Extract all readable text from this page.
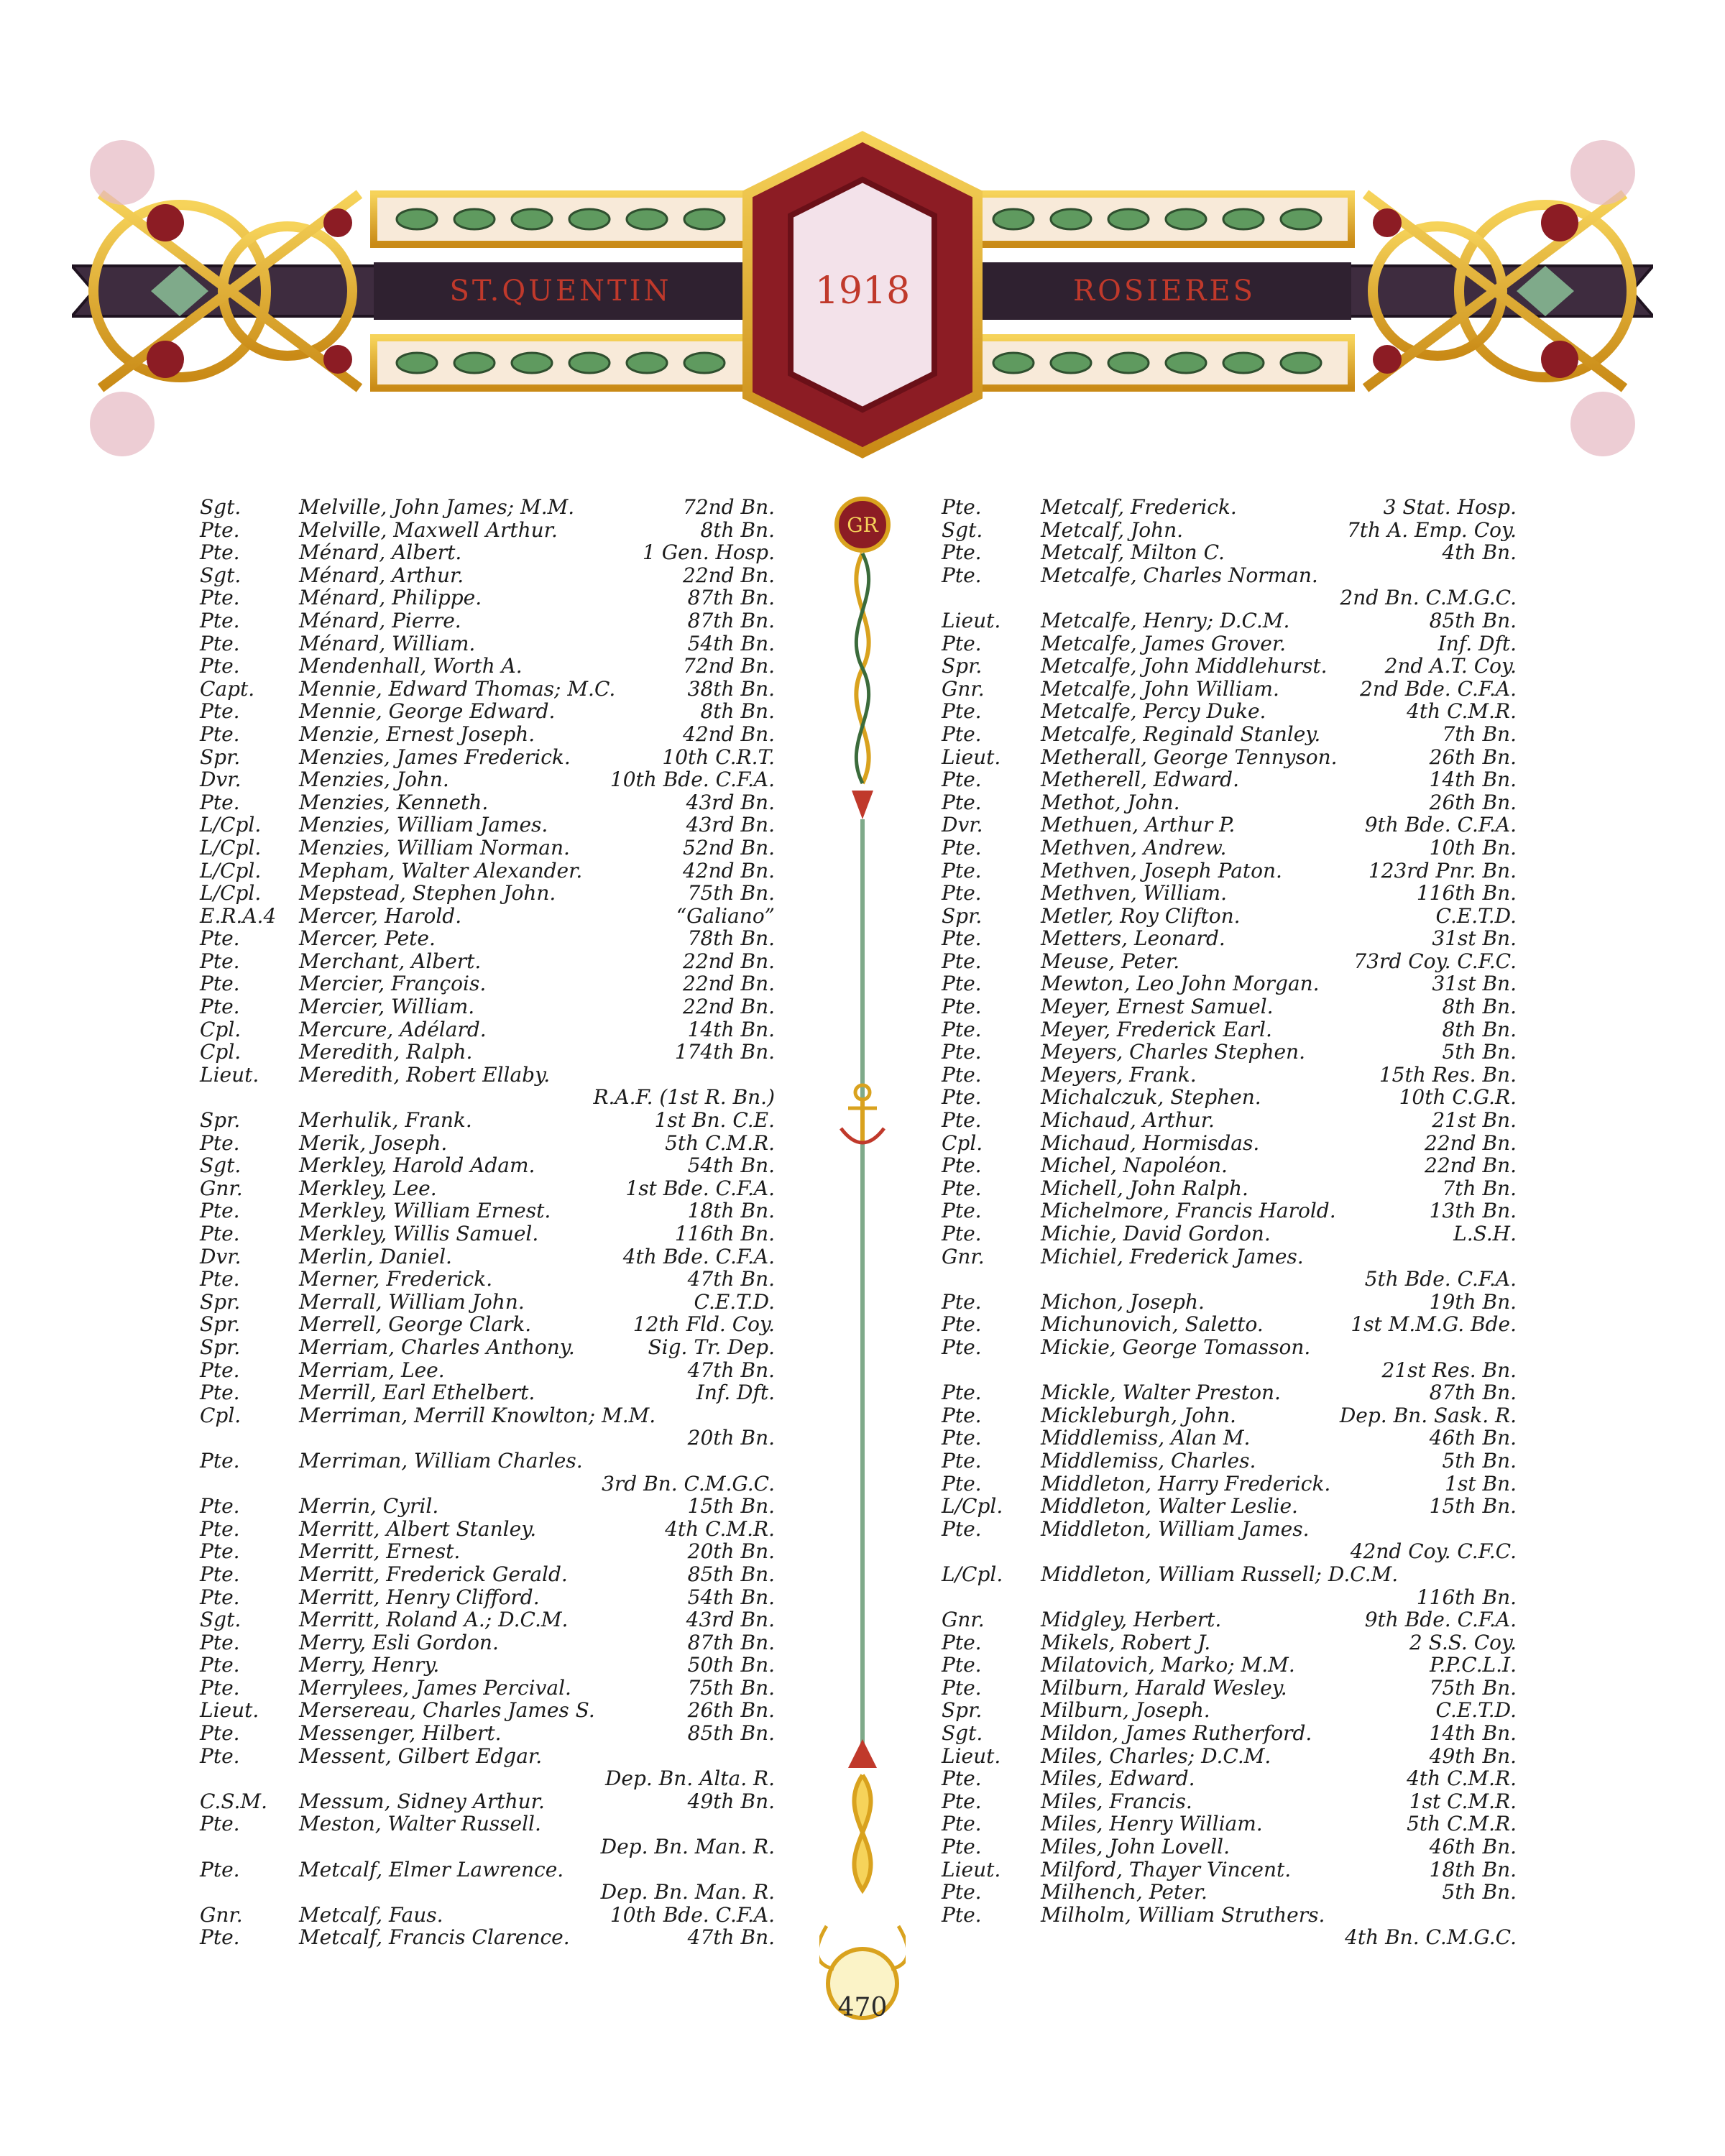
ST.QUENTIN	1918	ROSIERES
GR
470
Sgt.	Melville, John James; M.M.	72nd Bn.
Pte.	Melville, Maxwell Arthur.	8th Bn.
Pte.	Ménard, Albert.	1 Gen. Hosp.
Sgt.	Ménard, Arthur.	22nd Bn.
Pte.	Ménard, Philippe.	87th Bn.
Pte.	Ménard, Pierre.	87th Bn.
Pte.	Ménard, William.	54th Bn.
Pte.	Mendenhall, Worth A.	72nd Bn.
Capt. Mennie, Edward Thomas; M.C.	38th Bn.
Pte.	Mennie, George Edward.	8th Bn.
Pte.	Menzie, Ernest Joseph.	42nd Bn.
Spr.	Menzies, James Frederick.	10th C.R.T.
Dvr.	Menzies, John.	10th Bde. C.F.A.
Pte.	Menzies, Kenneth.	43rd Bn.
L/Cpl. Menzies, William James.	43rd Bn.
L/Cpl. Menzies, William Norman.	52nd Bn.
L/Cpl. Mepham, Walter Alexander.	42nd Bn.
L/Cpl. Mepstead, Stephen John.	75th Bn.
E.R.A.4 Mercer, Harold.	“Galiano”
Pte.	Mercer, Pete.	78th Bn.
Pte.	Merchant, Albert.	22nd Bn.
Pte.	Mercier, François.	22nd Bn.
Pte.	Mercier, William.	22nd Bn.
Cpl.	Mercure, Adélard.	14th Bn.
Cpl.	Meredith, Ralph.	174th Bn.
Lieut. Meredith, Robert Ellaby.
R.A.F. (1st R. Bn.)
Spr.	Merhulik, Frank.	1st Bn. C.E.
Pte.	Merik, Joseph.	5th C.M.R.
Sgt.	Merkley, Harold Adam.	54th Bn.
Gnr.	Merkley, Lee.	1st Bde. C.F.A.
Pte.	Merkley, William Ernest.	18th Bn.
Pte.	Merkley, Willis Samuel.	116th Bn.
Dvr.	Merlin, Daniel.	4th Bde. C.F.A.
Pte.	Merner, Frederick.	47th Bn.
Spr.	Merrall, William John.	C.E.T.D.
Spr.	Merrell, George Clark.	12th Fld. Coy.
Spr.	Merriam, Charles Anthony.	Sig. Tr. Dep.
Pte.	Merriam, Lee.	47th Bn.
Pte.	Merrill, Earl Ethelbert.	Inf. Dft.
Cpl.	Merriman, Merrill Knowlton; M.M.
20th Bn.
Pte.	Merriman, William Charles.
3rd Bn. C.M.G.C.
Pte.	Merrin, Cyril.	15th Bn.
Pte.	Merritt, Albert Stanley.	4th C.M.R.
Pte.	Merritt, Ernest.	20th Bn.
Pte.	Merritt, Frederick Gerald.	85th Bn.
Pte.	Merritt, Henry Clifford.	54th Bn.
Sgt.	Merritt, Roland A.; D.C.M.	43rd Bn.
Pte.	Merry, Esli Gordon.	87th Bn.
Pte.	Merry, Henry.	50th Bn.
Pte.	Merrylees, James Percival.	75th Bn.
Lieut. Mersereau, Charles James S.	26th Bn.
Pte.	Messenger, Hilbert.	85th Bn.
Pte.	Messent, Gilbert Edgar.
Dep. Bn. Alta. R.
C.S.M. Messum, Sidney Arthur.	49th Bn.
Pte.	Meston, Walter Russell.
Dep. Bn. Man. R.
Pte.	Metcalf, Elmer Lawrence.
Dep. Bn. Man. R.
Gnr.	Metcalf, Faus.	10th Bde. C.F.A.
Pte.	Metcalf, Francis Clarence.	47th Bn.
Pte.	Metcalf, Frederick.	3 Stat. Hosp.
Sgt.	Metcalf, John.	7th A. Emp. Coy.
Pte.	Metcalf, Milton C.	4th Bn.
Pte.	Metcalfe, Charles Norman.
2nd Bn. C.M.G.C.
Lieut. Metcalfe, Henry; D.C.M.	85th Bn.
Pte.	Metcalfe, James Grover.	Inf. Dft.
Spr.	Metcalfe, John Middlehurst.	2nd A.T. Coy.
Gnr.	Metcalfe, John William.	2nd Bde. C.F.A.
Pte.	Metcalfe, Percy Duke.	4th C.M.R.
Pte.	Metcalfe, Reginald Stanley.	7th Bn.
Lieut. Metherall, George Tennyson.	26th Bn.
Pte.	Metherell, Edward.	14th Bn.
Pte.	Methot, John.	26th Bn.
Dvr.	Methuen, Arthur P.	9th Bde. C.F.A.
Pte.	Methven, Andrew.	10th Bn.
Pte.	Methven, Joseph Paton.	123rd Pnr. Bn.
Pte.	Methven, William.	116th Bn.
Spr.	Metler, Roy Clifton.	C.E.T.D.
Pte.	Metters, Leonard.	31st Bn.
Pte.	Meuse, Peter.	73rd Coy. C.F.C.
Pte.	Mewton, Leo John Morgan.	31st Bn.
Pte.	Meyer, Ernest Samuel.	8th Bn.
Pte.	Meyer, Frederick Earl.	8th Bn.
Pte.	Meyers, Charles Stephen.	5th Bn.
Pte.	Meyers, Frank.	15th Res. Bn.
Pte.	Michalczuk, Stephen.	10th C.G.R.
Pte.	Michaud, Arthur.	21st Bn.
Cpl.	Michaud, Hormisdas.	22nd Bn.
Pte.	Michel, Napoléon.	22nd Bn.
Pte.	Michell, John Ralph.	7th Bn.
Pte.	Michelmore, Francis Harold.	13th Bn.
Pte.	Michie, David Gordon.	L.S.H.
Gnr.	Michiel, Frederick James.
5th Bde. C.F.A.
Pte.	Michon, Joseph.	19th Bn.
Pte.	Michunovich, Saletto.	1st M.M.G. Bde.
Pte.	Mickie, George Tomasson.
21st Res. Bn.
Pte.	Mickle, Walter Preston.	87th Bn.
Pte.	Mickleburgh, John.	Dep. Bn. Sask. R.
Pte.	Middlemiss, Alan M.	46th Bn.
Pte.	Middlemiss, Charles.	5th Bn.
Pte.	Middleton, Harry Frederick.	1st Bn.
L/Cpl. Middleton, Walter Leslie.	15th Bn.
Pte.	Middleton, William James.
42nd Coy. C.F.C.
L/Cpl. Middleton, William Russell; D.C.M.
116th Bn.
Gnr.	Midgley, Herbert.	9th Bde. C.F.A.
Pte.	Mikels, Robert J.	2 S.S. Coy.
Pte.	Milatovich, Marko; M.M.	P.P.C.L.I.
Pte.	Milburn, Harald Wesley.	75th Bn.
Spr.	Milburn, Joseph.	C.E.T.D.
Sgt.	Mildon, James Rutherford.	14th Bn.
Lieut. Miles, Charles; D.C.M.	49th Bn.
Pte.	Miles, Edward.	4th C.M.R.
Pte.	Miles, Francis.	1st C.M.R.
Pte.	Miles, Henry William.	5th C.M.R.
Pte.	Miles, John Lovell.	46th Bn.
Lieut. Milford, Thayer Vincent.	18th Bn.
Pte.	Milhench, Peter.	5th Bn.
Pte.	Milholm, William Struthers.
4th Bn. C.M.G.C.
